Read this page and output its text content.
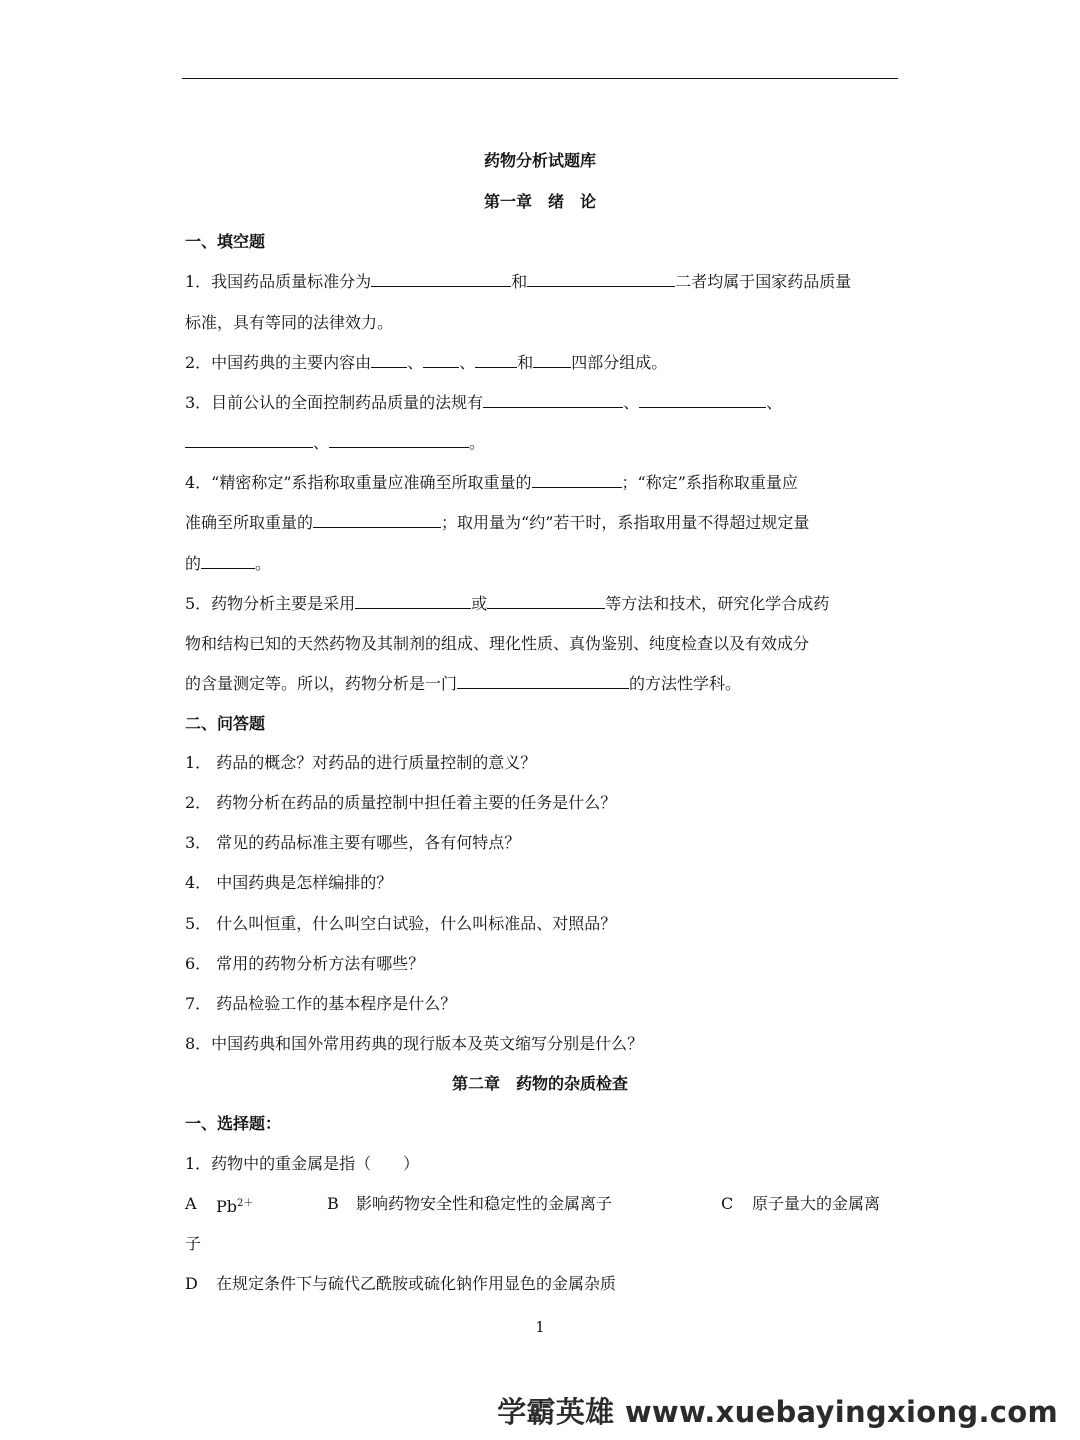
药物分析试题库
第一章　绪　论
一、填空题
1．我国药品质量标准分为	和	二者均属于国家药品质量
标准，具有等同的法律效力。
2．中国药典的主要内容由 、 、	和 四部分组成。
3．目前公认的全面控制药品质量的法规有	、	、
、	。
4．“精密称定”系指称取重量应准确至所取重量的	；“称定”系指称取重量应
准确至所取重量的	；取用量为“约”若干时，系指取用量不得超过规定量
的	。
5．药物分析主要是采用	或	等方法和技术，研究化学合成药
物和结构已知的天然药物及其制剂的组成、理化性质、真伪鉴别、纯度检查以及有效成分
的含量测定等。所以，药物分析是一门	的方法性学科。
二、问答题
1． 药品的概念？对药品的进行质量控制的意义？
2． 药物分析在药品的质量控制中担任着主要的任务是什么？
3． 常见的药品标准主要有哪些，各有何特点？
4． 中国药典是怎样编排的？
5． 什么叫恒重，什么叫空白试验，什么叫标准品、对照品？
6． 常用的药物分析方法有哪些？
7． 药品检验工作的基本程序是什么？
8．中国药典和国外常用药典的现行版本及英文缩写分别是什么？
第二章　药物的杂质检查
一、选择题：
1．药物中的重金属是指（　　）
A $Pb^{2+}$	B 影响药物安全性和稳定性的金属离子	C 原子量大的金属离
子
D 在规定条件下与硫代乙酰胺或硫化钠作用显色的金属杂质
1
学霸英雄 www.xuebayingxiong.com
